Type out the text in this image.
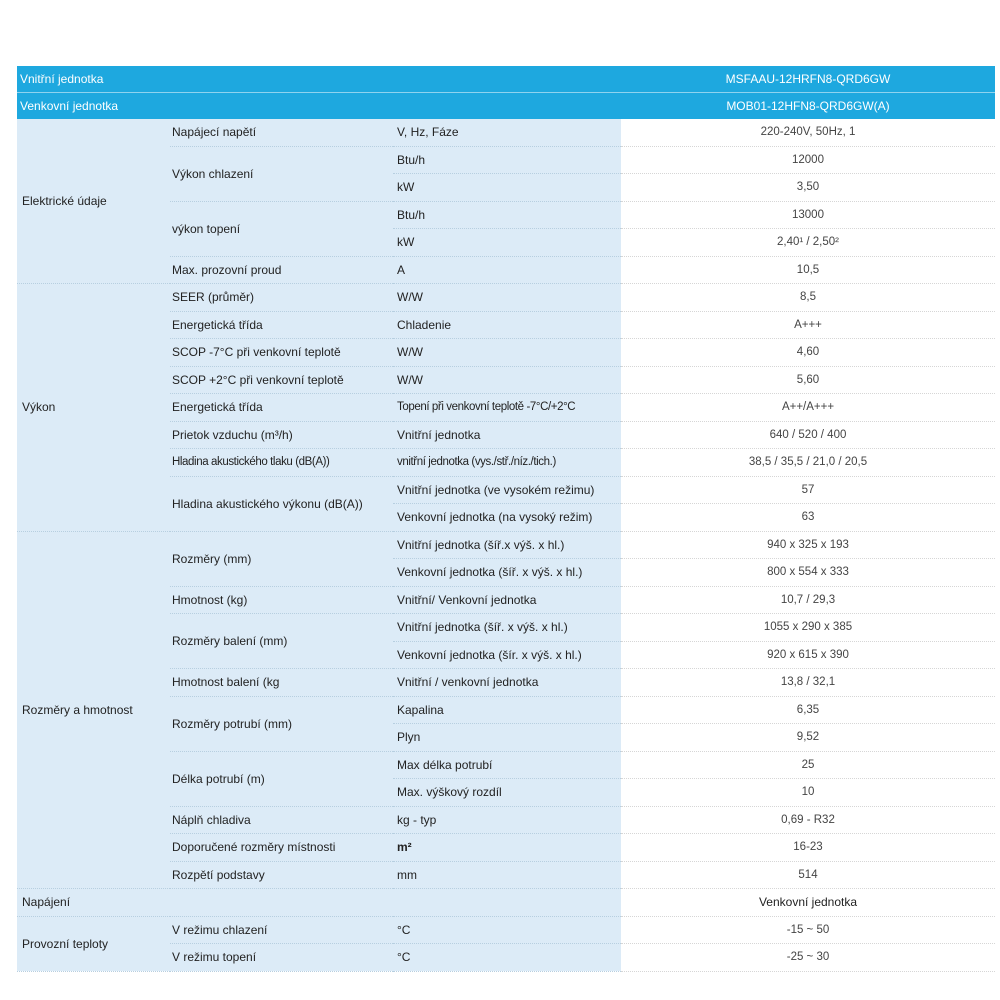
Vnitřní jednotka	MSFAAU-12HRFN8-QRD6GW
Venkovní jednotka	MOB01-12HFN8-QRD6GW(A)
Elektrické údaje	Napájecí napětí	V, Hz, Fáze	220-240V, 50Hz, 1
	Výkon chlazení	Btu/h	12000
		kW	3,50
	výkon topení	Btu/h	13000
		kW	2,40¹ / 2,50²
	Max. prozovní proud	A	10,5
Výkon	SEER (průměr)	W/W	8,5
	Energetická třída	Chladenie	A+++
	SCOP -7°C při venkovní teplotě	W/W	4,60
	SCOP +2°C při venkovní teplotě	W/W	5,60
	Energetická třída	Topení při venkovní teplotě -7°C/+2°C	A++/A+++
	Prietok vzduchu (m³/h)	Vnitřní jednotka	640 / 520 / 400
	Hladina akustického tlaku (dB(A))	vnitřní jednotka (vys./stř./níz./tich.)	38,5 / 35,5 / 21,0 / 20,5
	Hladina akustického výkonu (dB(A))	Vnitřní jednotka (ve vysokém režimu)	57
		Venkovní jednotka (na vysoký režim)	63
Rozměry a hmotnost	Rozměry (mm)	Vnitřní jednotka (šíř.x výš. x hl.)	940 x 325 x 193
		Venkovní jednotka (šíř. x výš. x hl.)	800 x 554 x 333
	Hmotnost (kg)	Vnitřní/ Venkovní jednotka	10,7 / 29,3
	Rozměry balení (mm)	Vnitřní jednotka (šíř. x výš. x hl.)	1055 x 290 x 385
		Venkovní jednotka (šír. x výš. x hl.)	920 x 615 x 390
	Hmotnost balení (kg	Vnitřní / venkovní jednotka	13,8 / 32,1
	Rozměry potrubí (mm)	Kapalina	6,35
		Plyn	9,52
	Délka potrubí (m)	Max délka potrubí	25
		Max. výškový rozdíl	10
	Náplň chladiva	kg - typ	0,69 - R32
	Doporučené rozměry místnosti	m²	16-23
	Rozpětí podstavy	mm	514
Napájení			Venkovní jednotka
Provozní teploty	V režimu chlazení	°C	-15 ~ 50
	V režimu topení	°C	-25 ~ 30
